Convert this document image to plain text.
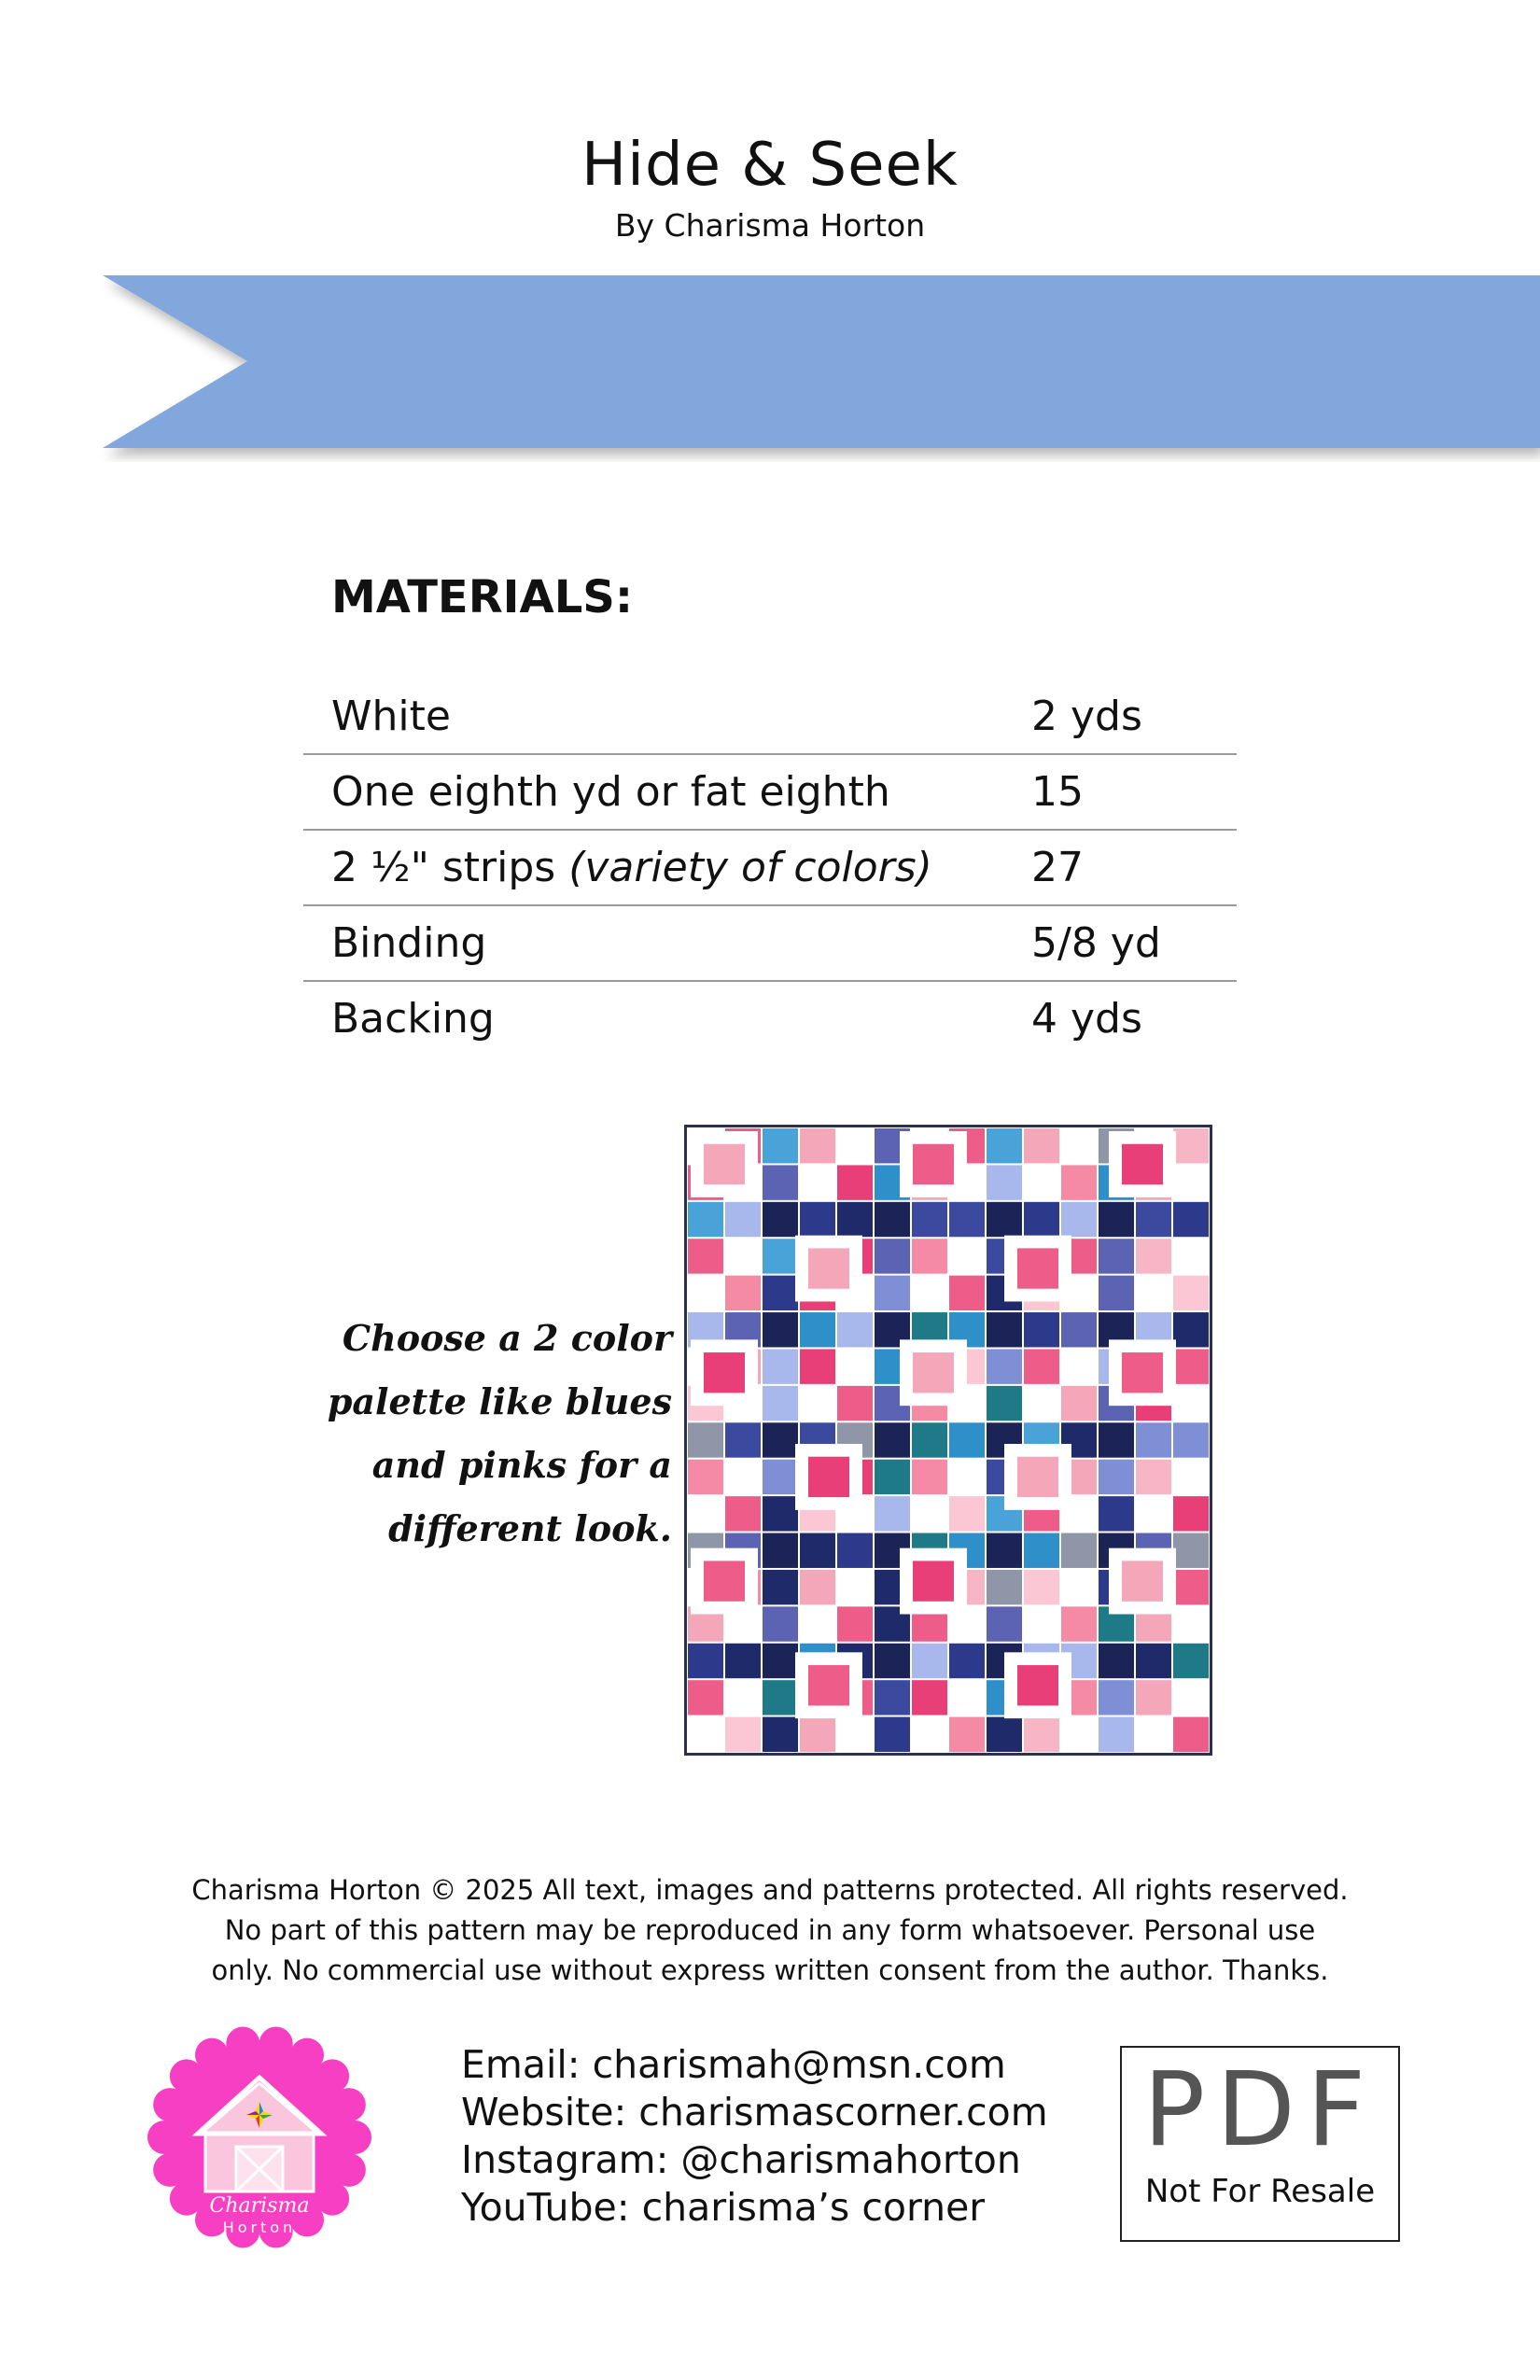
Hide & Seek
By Charisma Horton
MATERIALS:
White	2 yds
One eighth yd or fat eighth	15
2 ½" strips (variety of colors) 27
Binding	5/8 yd
Backing	4 yds
Choose a 2 color
palette like blues
and pinks for a
different look.
Charisma Horton © 2025 All text, images and patterns protected. All rights reserved.
No part of this pattern may be reproduced in any form whatsoever. Personal use
only. No commercial use without express written consent from the author. Thanks.
Charisma
Horton
Email: charismah@msn.com
Website: charismascorner.com
Instagram: @charismahorton
YouTube: charisma’s corner
PDF
Not For Resale
